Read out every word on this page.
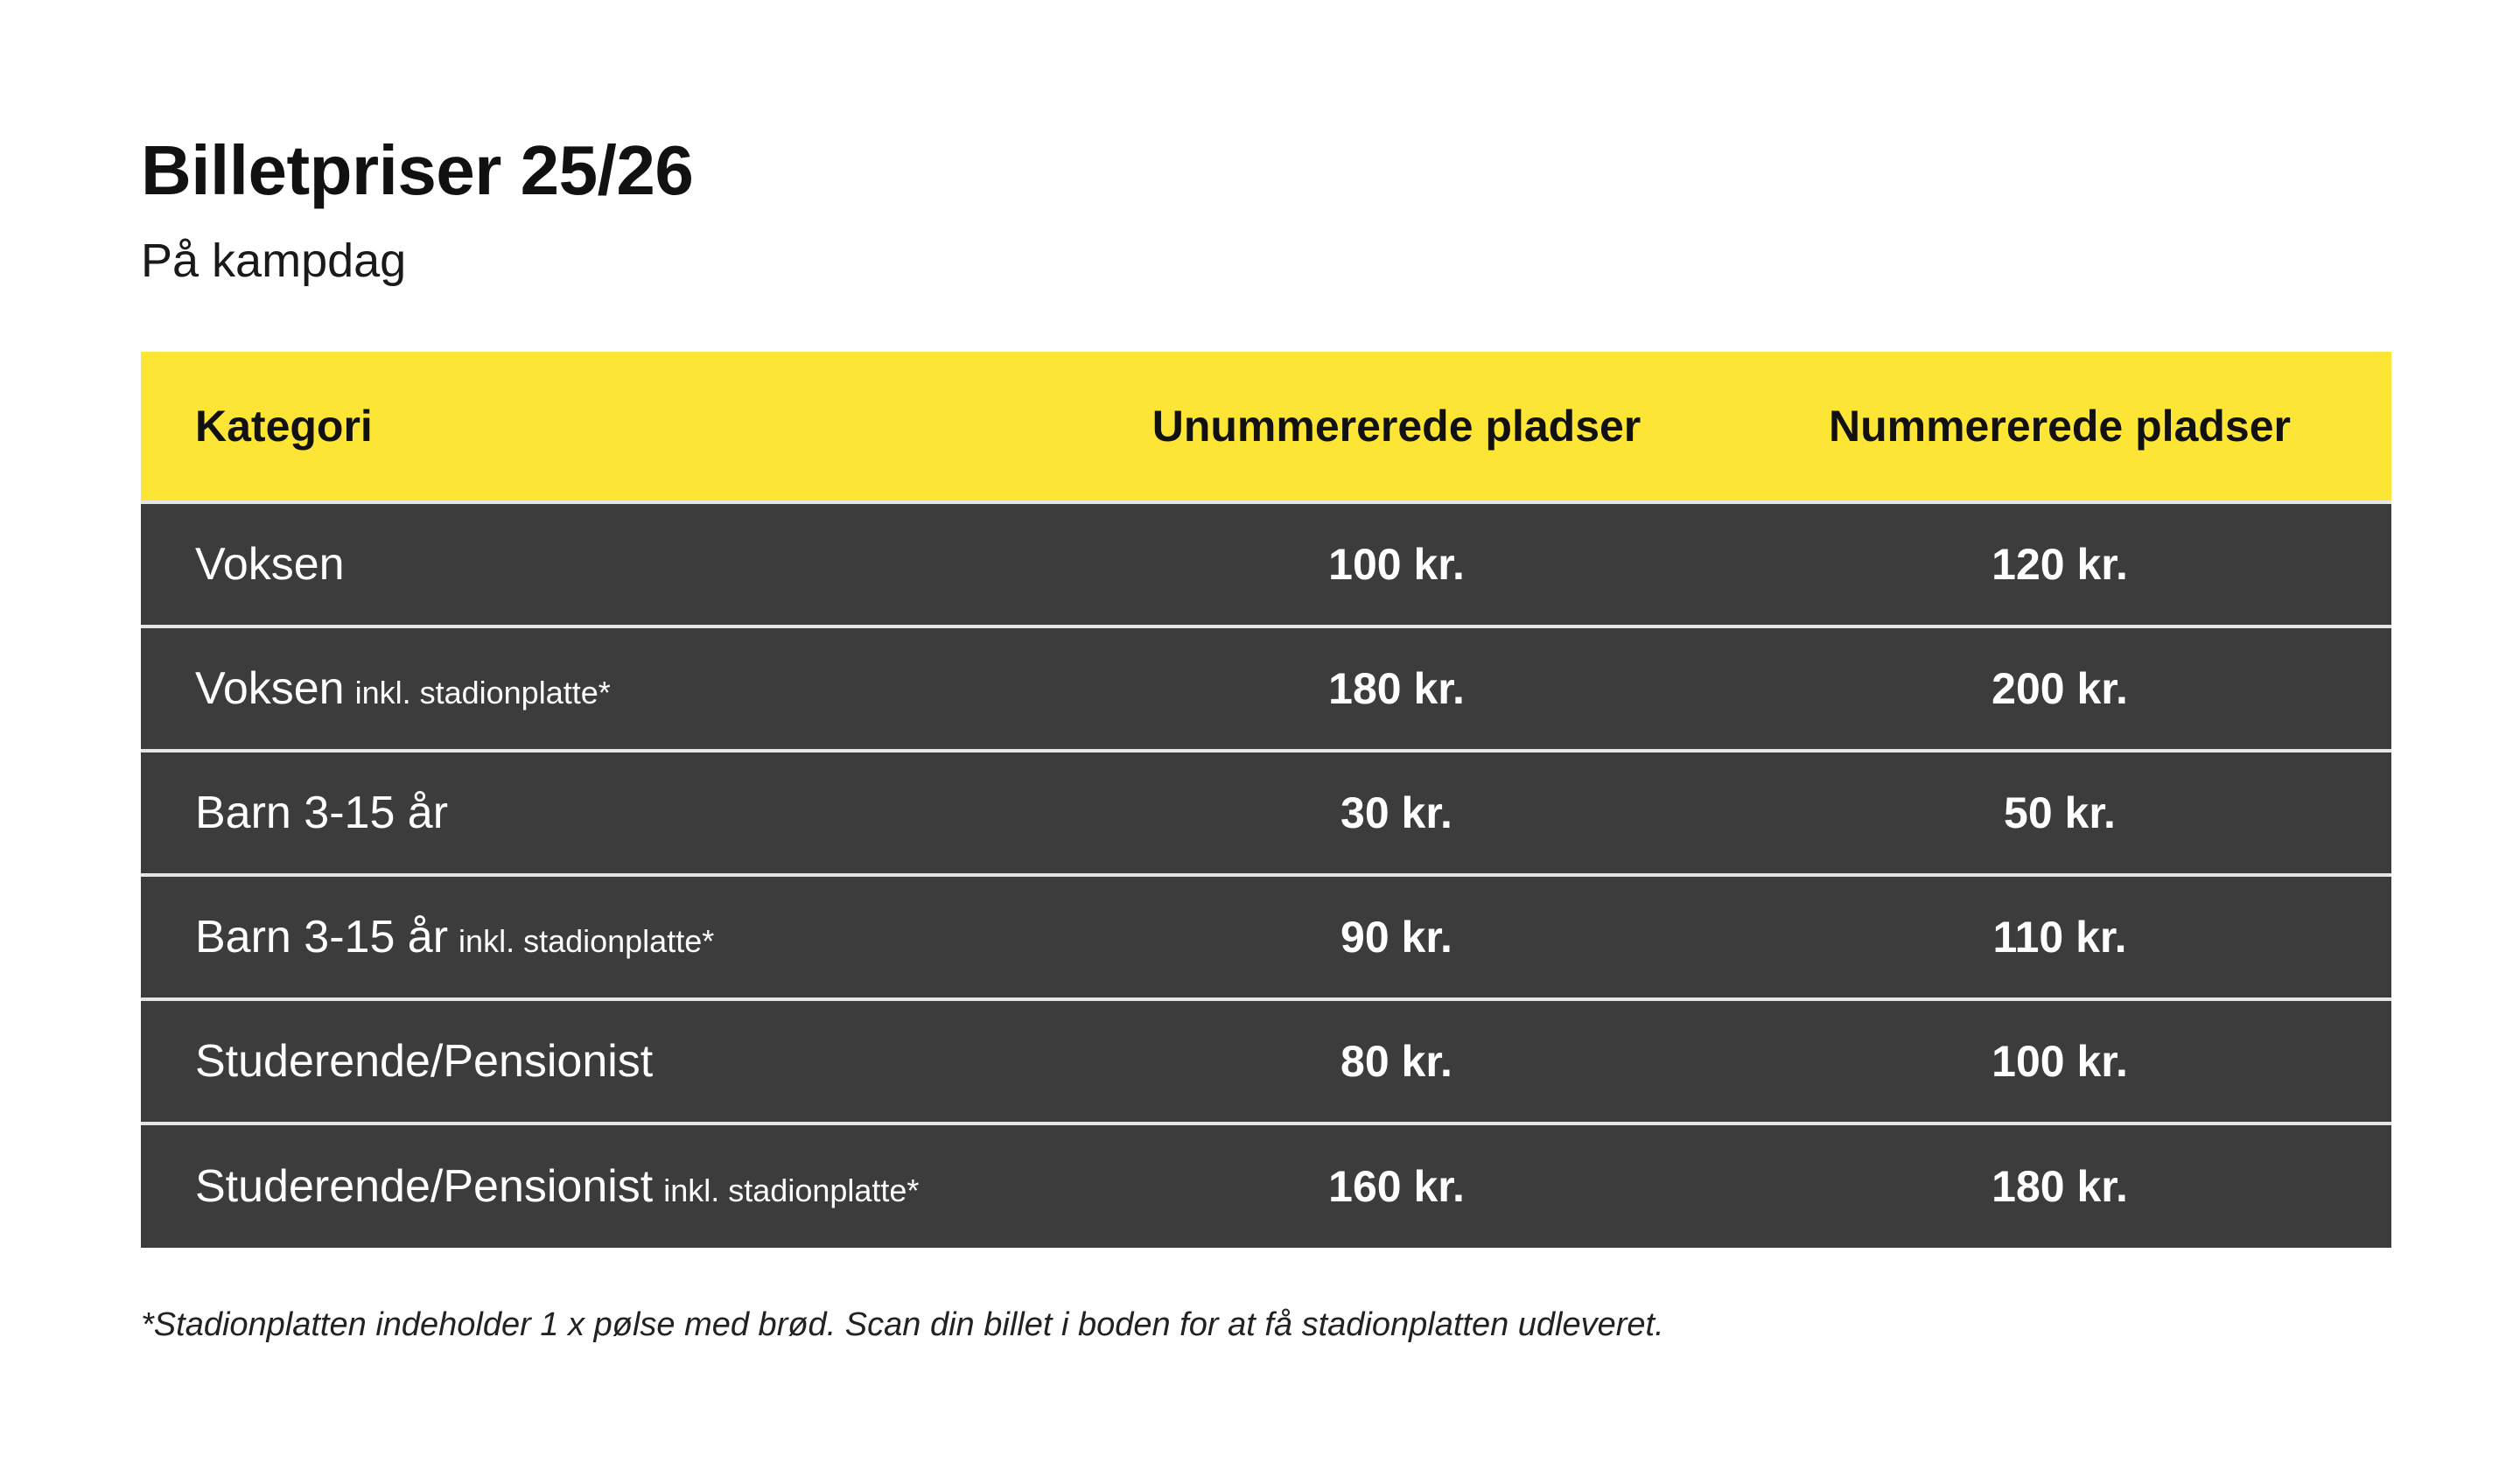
Billetpriser 25/26

På kampdag

Kategori	Unummererede pladser	Nummererede pladser
Voksen	100 kr.	120 kr.
Voksen inkl. stadionplatte*	180 kr.	200 kr.
Barn 3-15 år	30 kr.	50 kr.
Barn 3-15 år inkl. stadionplatte*	90 kr.	110 kr.
Studerende/Pensionist	80 kr.	100 kr.
Studerende/Pensionist inkl. stadionplatte*	160 kr.	180 kr.

*Stadionplatten indeholder 1 x pølse med brød. Scan din billet i boden for at få stadionplatten udleveret.
